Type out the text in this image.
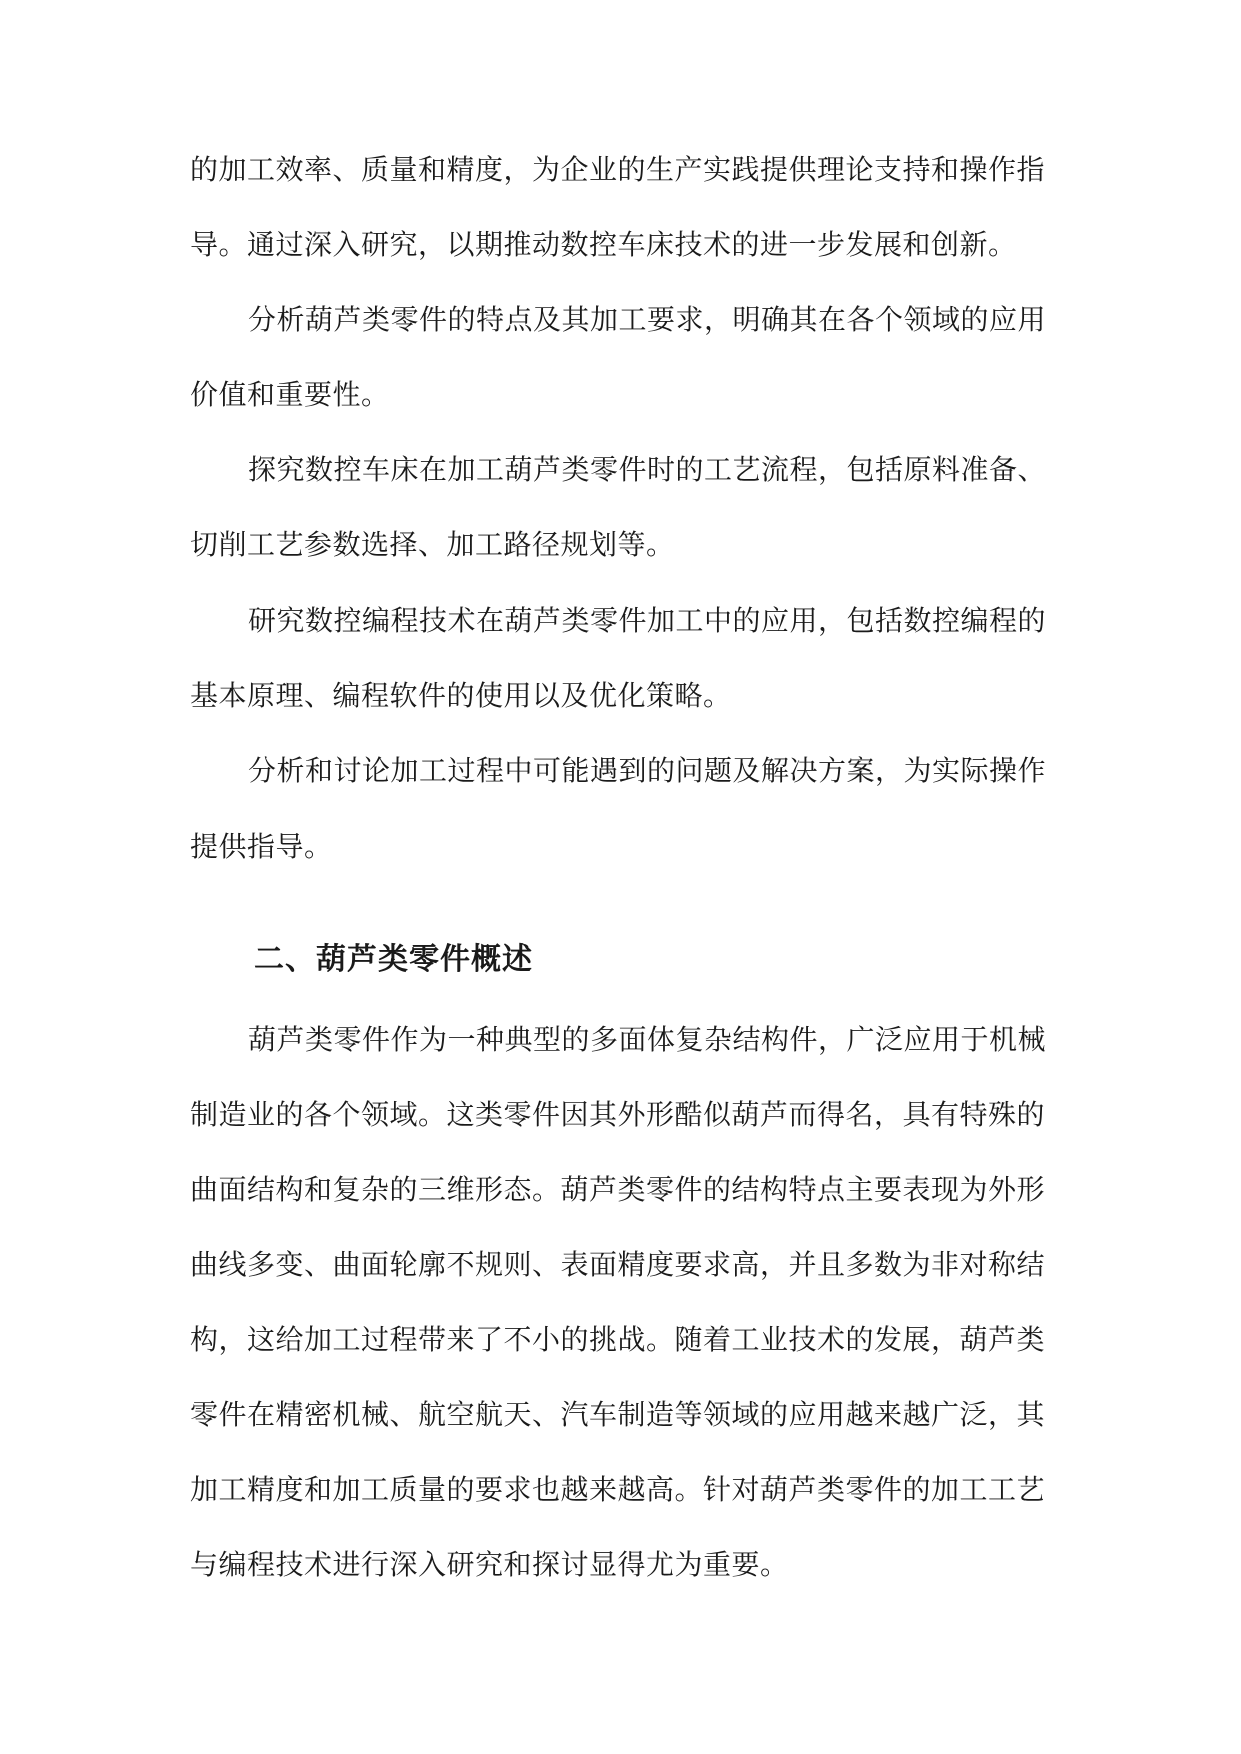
的加工效率、质量和精度，为企业的生产实践提供理论支持和操作指
导。通过深入研究，以期推动数控车床技术的进一步发展和创新。
分析葫芦类零件的特点及其加工要求，明确其在各个领域的应用
价值和重要性。
探究数控车床在加工葫芦类零件时的工艺流程，包括原料准备、
切削工艺参数选择、加工路径规划等。
研究数控编程技术在葫芦类零件加工中的应用，包括数控编程的
基本原理、编程软件的使用以及优化策略。
分析和讨论加工过程中可能遇到的问题及解决方案，为实际操作
提供指导。
二、葫芦类零件概述
葫芦类零件作为一种典型的多面体复杂结构件，广泛应用于机械
制造业的各个领域。这类零件因其外形酷似葫芦而得名，具有特殊的
曲面结构和复杂的三维形态。葫芦类零件的结构特点主要表现为外形
曲线多变、曲面轮廓不规则、表面精度要求高，并且多数为非对称结
构，这给加工过程带来了不小的挑战。随着工业技术的发展，葫芦类
零件在精密机械、航空航天、汽车制造等领域的应用越来越广泛，其
加工精度和加工质量的要求也越来越高。针对葫芦类零件的加工工艺
与编程技术进行深入研究和探讨显得尤为重要。
